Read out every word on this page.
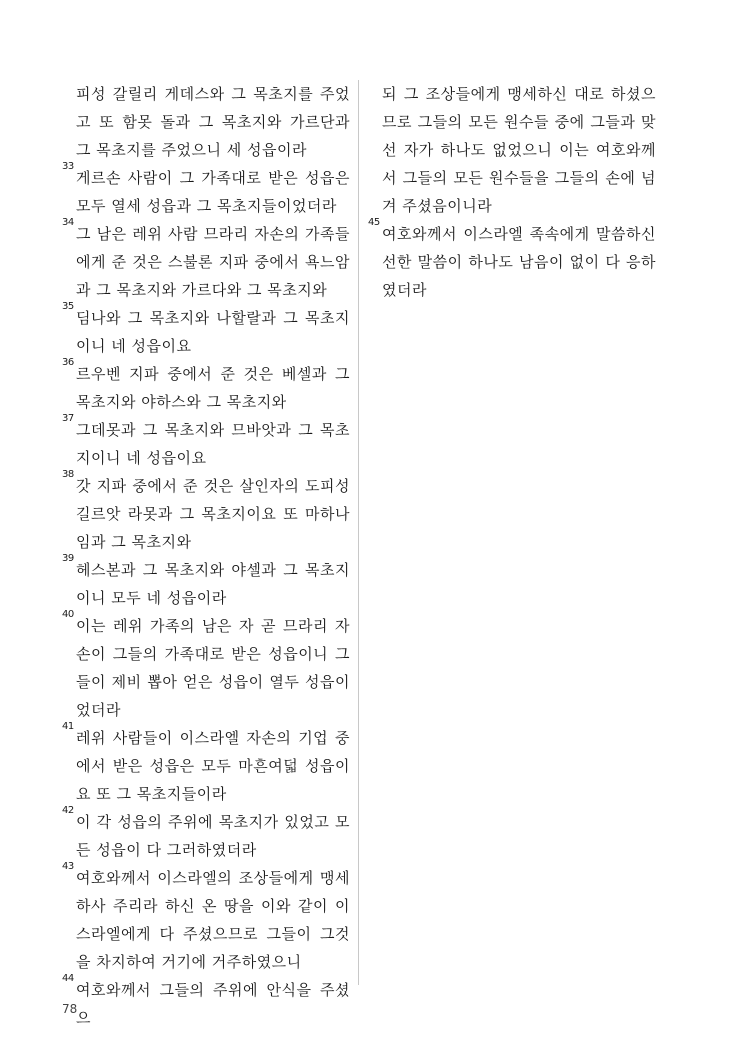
피성 갈릴리 게데스와 그 목초지를 주었고 또 함못 돌과 그 목초지와 가르단과 그 목초지를 주었으니 세 성읍이라
33
게르손 사람이 그 가족대로 받은 성읍은 모두 열세 성읍과 그 목초지들이었더라
34
그 남은 레위 사람 므라리 자손의 가족들에게 준 것은 스불론 지파 중에서 욕느암과 그 목초지와 가르다와 그 목초지와
35
딤나와 그 목초지와 나할랄과 그 목초지이니 네 성읍이요
36
르우벤 지파 중에서 준 것은 베셀과 그 목초지와 야하스와 그 목초지와
37
그데못과 그 목초지와 므바앗과 그 목초지이니 네 성읍이요
38
갓 지파 중에서 준 것은 살인자의 도피성 길르앗 라못과 그 목초지이요 또 마하나임과 그 목초지와
39
헤스본과 그 목초지와 야셀과 그 목초지이니 모두 네 성읍이라
40
이는 레위 가족의 남은 자 곧 므라리 자손이 그들의 가족대로 받은 성읍이니 그들이 제비 뽑아 얻은 성읍이 열두 성읍이었더라
41
레위 사람들이 이스라엘 자손의 기업 중에서 받은 성읍은 모두 마흔여덟 성읍이요 또 그 목초지들이라
42
이 각 성읍의 주위에 목초지가 있었고 모든 성읍이 다 그러하였더라
43
여호와께서 이스라엘의 조상들에게 맹세하사 주리라 하신 온 땅을 이와 같이 이스라엘에게 다 주셨으므로 그들이 그것을 차지하여 거기에 거주하였으니
44
여호와께서 그들의 주위에 안식을 주셨으
되 그 조상들에게 맹세하신 대로 하셨으므로 그들의 모든 원수들 중에 그들과 맞선 자가 하나도 없었으니 이는 여호와께서 그들의 모든 원수들을 그들의 손에 넘겨 주셨음이니라
45
여호와께서 이스라엘 족속에게 말씀하신 선한 말씀이 하나도 남음이 없이 다 응하였더라
78
